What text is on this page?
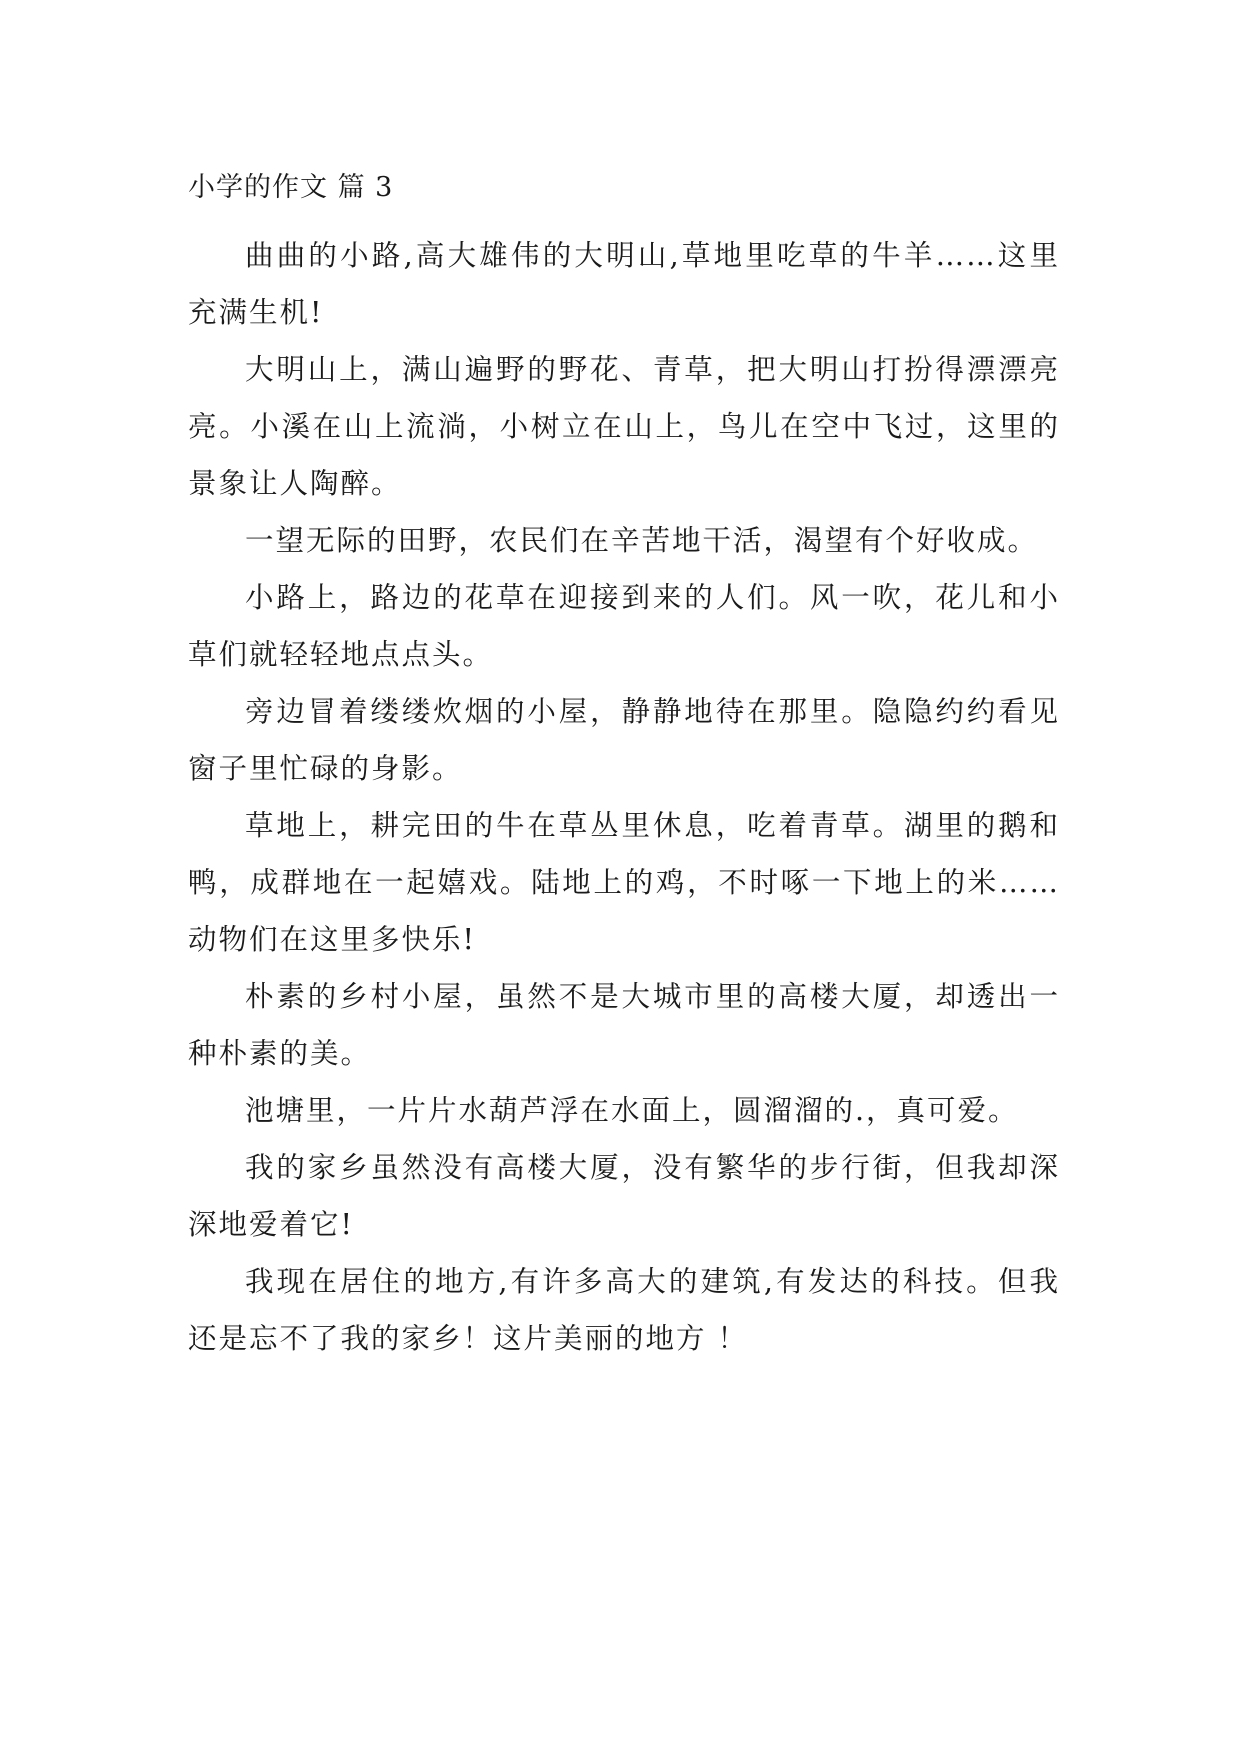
小学的作文 篇 3

曲曲的小路,高大雄伟的大明山,草地里吃草的牛羊……这里充满生机!

大明山上，满山遍野的野花、青草，把大明山打扮得漂漂亮亮。小溪在山上流淌，小树立在山上，鸟儿在空中飞过，这里的景象让人陶醉。

一望无际的田野，农民们在辛苦地干活，渴望有个好收成。

小路上，路边的花草在迎接到来的人们。风一吹，花儿和小草们就轻轻地点点头。

旁边冒着缕缕炊烟的小屋，静静地待在那里。隐隐约约看见窗子里忙碌的身影。

草地上，耕完田的牛在草丛里休息，吃着青草。湖里的鹅和鸭，成群地在一起嬉戏。陆地上的鸡，不时啄一下地上的米……动物们在这里多快乐!

朴素的乡村小屋，虽然不是大城市里的高楼大厦，却透出一种朴素的美。

池塘里，一片片水葫芦浮在水面上，圆溜溜的.，真可爱。

我的家乡虽然没有高楼大厦，没有繁华的步行街，但我却深深地爱着它!

我现在居住的地方,有许多高大的建筑,有发达的科技。但我还是忘不了我的家乡！这片美丽的地方 ！
